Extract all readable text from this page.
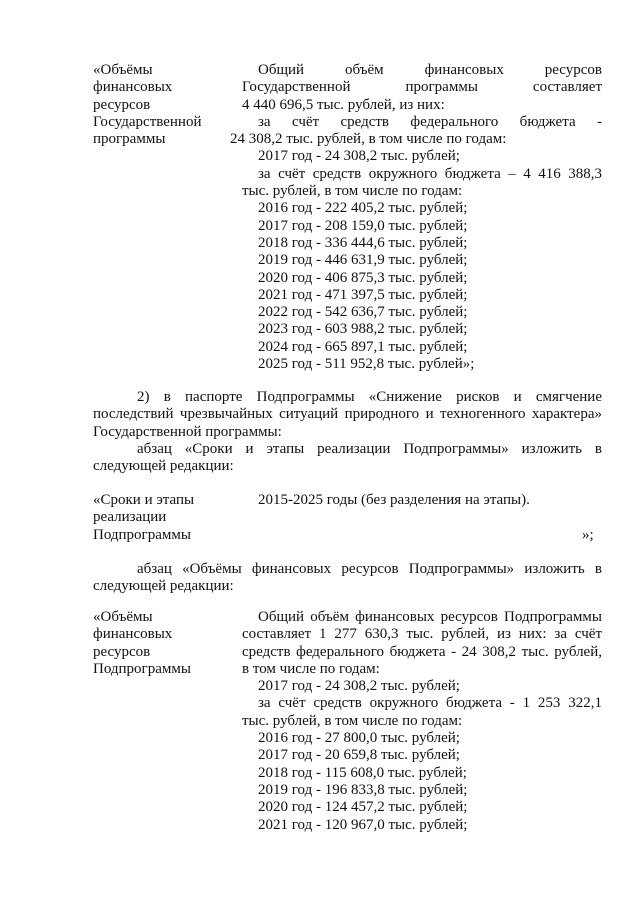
«Объёмы
финансовых
ресурсов
Государственной
программы
Общий объём финансовых ресурсов
Государственной программы составляет
4 440 696,5 тыс. рублей, из них:
за счёт средств федерального бюджета -
24 308,2 тыс. рублей, в том числе по годам:
2017 год - 24 308,2 тыс. рублей;
за счёт средств окружного бюджета – 4 416 388,3
тыс. рублей, в том числе по годам:
2016 год - 222 405,2 тыс. рублей;
2017 год - 208 159,0 тыс. рублей;
2018 год - 336 444,6 тыс. рублей;
2019 год - 446 631,9 тыс. рублей;
2020 год - 406 875,3 тыс. рублей;
2021 год - 471 397,5 тыс. рублей;
2022 год - 542 636,7 тыс. рублей;
2023 год - 603 988,2 тыс. рублей;
2024 год - 665 897,1 тыс. рублей;
2025 год - 511 952,8 тыс. рублей»;
2) в паспорте Подпрограммы «Снижение рисков и смягчение
последствий чрезвычайных ситуаций природного и техногенного характера»
Государственной программы:
абзац «Сроки и этапы реализации Подпрограммы» изложить в
следующей редакции:
«Сроки и этапы
реализации
Подпрограммы
2015-2025 годы (без разделения на этапы).
»;
абзац «Объёмы финансовых ресурсов Подпрограммы» изложить в
следующей редакции:
«Объёмы
финансовых
ресурсов
Подпрограммы
Общий объём финансовых ресурсов Подпрограммы
составляет 1 277 630,3 тыс. рублей, из них: за счёт
средств федерального бюджета - 24 308,2 тыс. рублей,
в том числе по годам:
2017 год - 24 308,2 тыс. рублей;
за счёт средств окружного бюджета - 1 253 322,1
тыс. рублей, в том числе по годам:
2016 год - 27 800,0 тыс. рублей;
2017 год - 20 659,8 тыс. рублей;
2018 год - 115 608,0 тыс. рублей;
2019 год - 196 833,8 тыс. рублей;
2020 год - 124 457,2 тыс. рублей;
2021 год - 120 967,0 тыс. рублей;
